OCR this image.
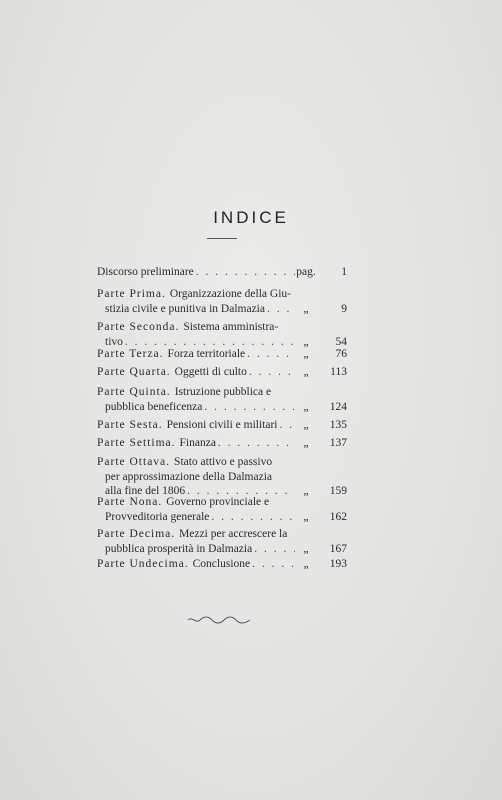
INDICE
Discorso preliminare . . .	pag.	1
Parte Prima. Organizzazione della Giu-
stizia civile e punitiva in Dalmazia . . .	„	9
Parte Seconda. Sistema amministra-
tivo . . .	„	54
Parte Terza. Forza territoriale . . .	„	76
Parte Quarta. Oggetti di culto . . .	„	113
Parte Quinta. Istruzione pubblica e
pubblica beneficenza . . .	„	124
Parte Sesta. Pensioni civili e militari . . .	„	135
Parte Settima. Finanza . . .	„	137
Parte Ottava. Stato attivo e passivo
per approssimazione della Dalmazia
alla fine del 1806 . . .	„	159
Parte Nona. Governo provinciale e
Provveditoria generale . . .	„	162
Parte Decima. Mezzi per accrescere la
pubblica prosperità in Dalmazia . . .	„	167
Parte Undecima. Conclusione . . .	„	193
